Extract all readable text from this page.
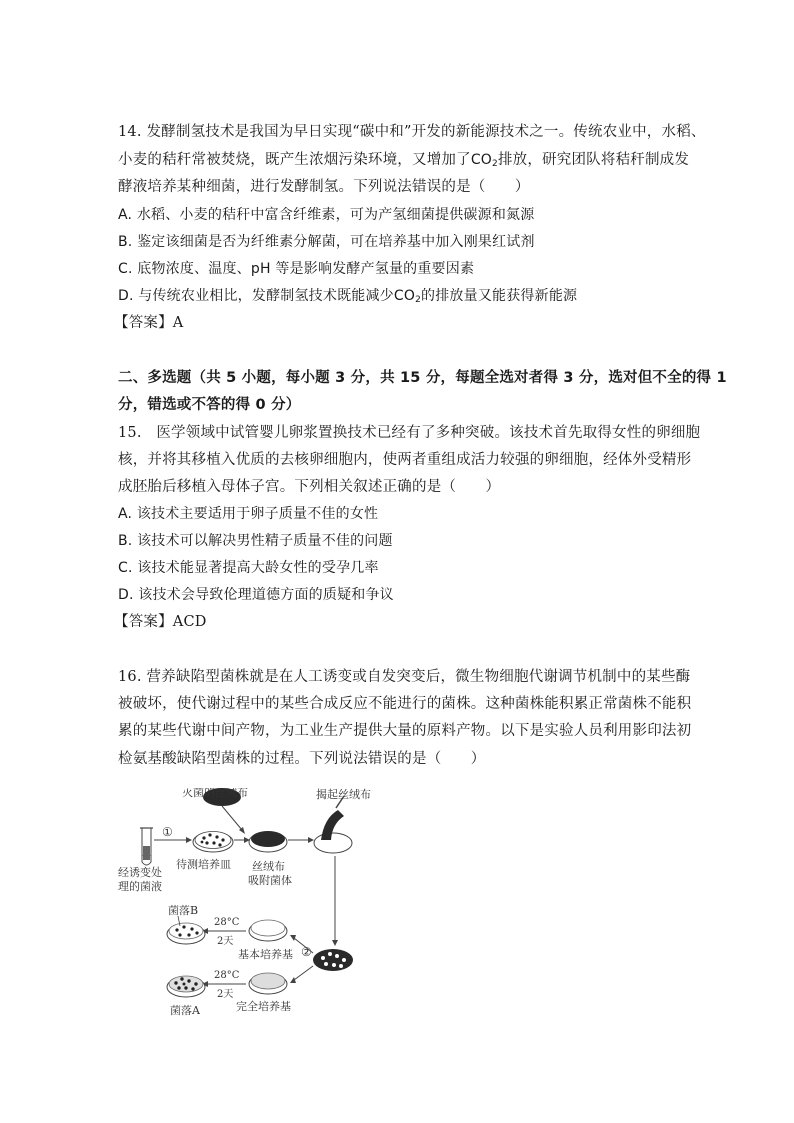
14. 发酵制氢技术是我国为早日实现“碳中和”开发的新能源技术之一。传统农业中，水稻、
小麦的秸秆常被焚烧，既产生浓烟污染环境，又增加了$CO_2$排放，研究团队将秸秆制成发
酵液培养某种细菌，进行发酵制氢。下列说法错误的是（　　）
A. 水稻、小麦的秸秆中富含纤维素，可为产氢细菌提供碳源和氮源
B. 鉴定该细菌是否为纤维素分解菌，可在培养基中加入刚果红试剂
C. 底物浓度、温度、pH 等是影响发酵产氢量的重要因素
D. 与传统农业相比，发酵制氢技术既能减少$CO_2$的排放量又能获得新能源
【答案】A
二、多选题（共 5 小题，每小题 3 分，共 15 分，每题全选对者得 3 分，选对但不全的得 1
分，错选或不答的得 0 分）
15.　医学领域中试管婴儿卵浆置换技术已经有了多种突破。该技术首先取得女性的卵细胞
核，并将其移植入优质的去核卵细胞内，使两者重组成活力较强的卵细胞，经体外受精形
成胚胎后移植入母体子宫。下列相关叙述正确的是（　　）
A. 该技术主要适用于卵子质量不佳的女性
B. 该技术可以解决男性精子质量不佳的问题
C. 该技术能显著提高大龄女性的受孕几率
D. 该技术会导致伦理道德方面的质疑和争议
【答案】ACD
16. 营养缺陷型菌株就是在人工诱变或自发突变后，微生物细胞代谢调节机制中的某些酶
被破坏，使代谢过程中的某些合成反应不能进行的菌株。这种菌株能积累正常菌株不能积
累的某些代谢中间产物，为工业生产提供大量的原料产物。以下是实验人员利用影印法初
检氨基酸缺陷型菌株的过程。下列说法错误的是（　　）
①
灭菌的丝绒布	揭起丝绒布
经诱变处
理的菌液
待测培养皿 丝绒布
吸附菌体
②
基本培养基
完全培养基
28°C
2天
28°C
2天
菌落B
菌落A
